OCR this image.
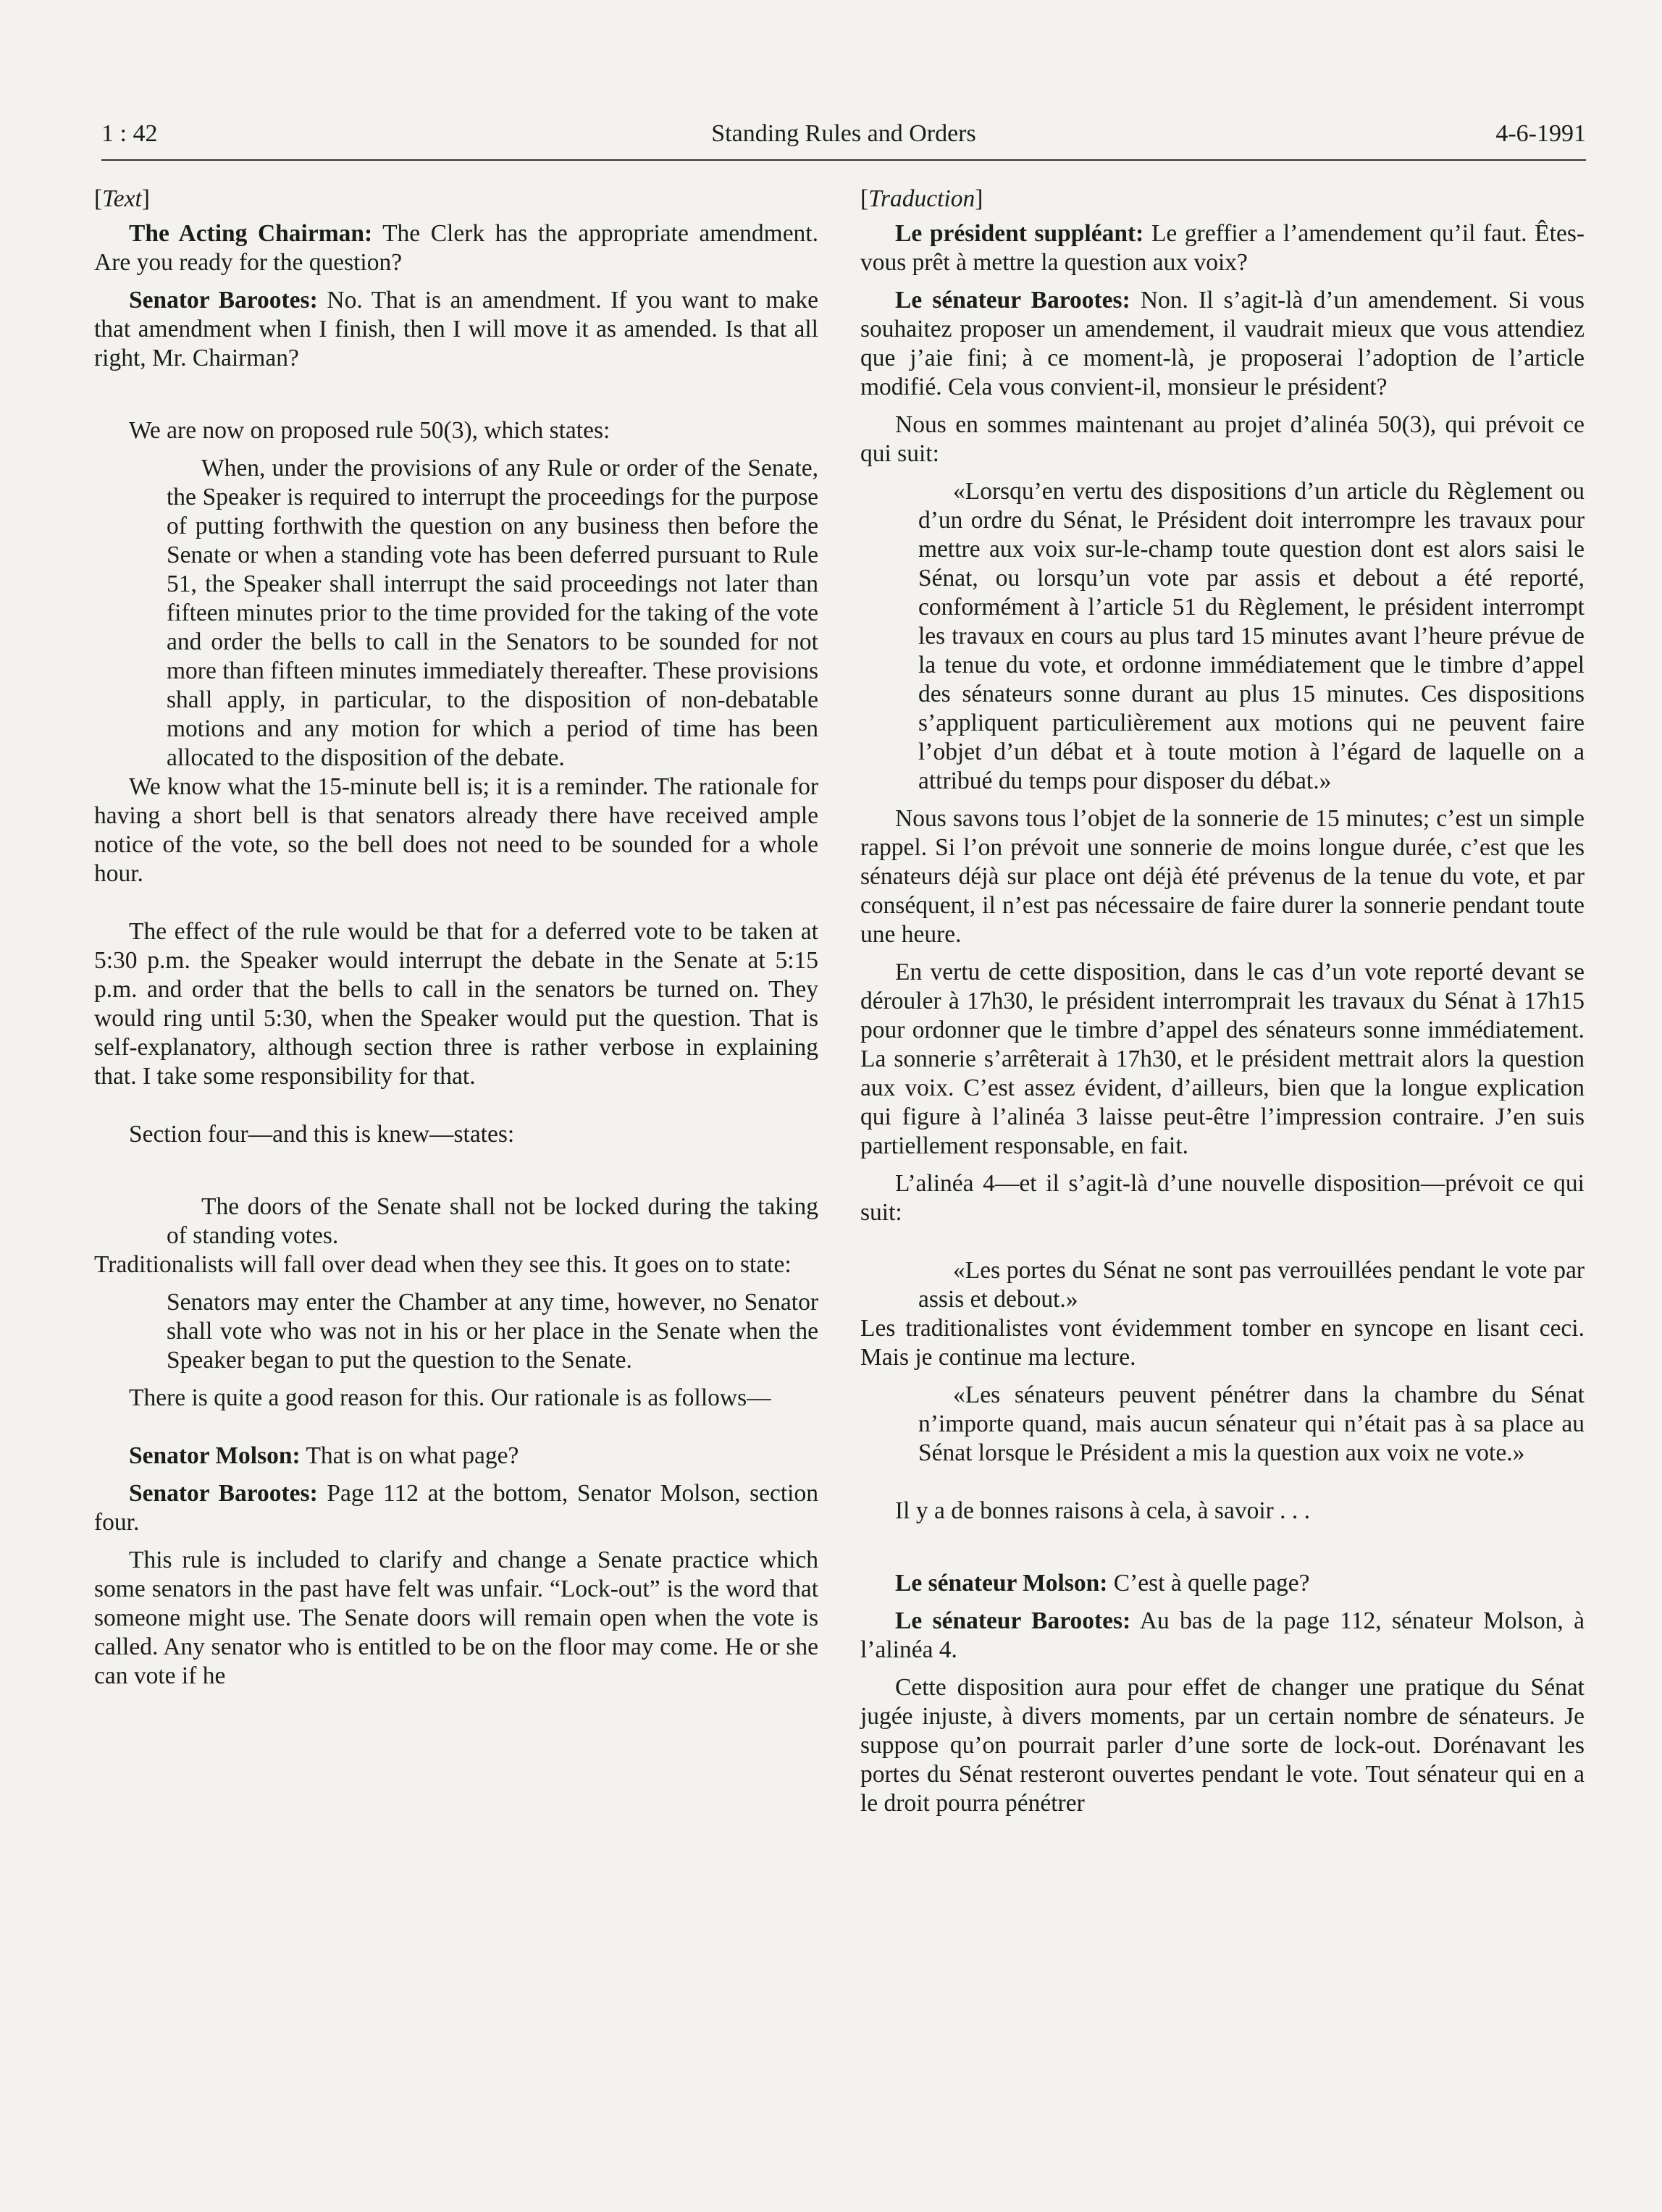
1 : 42	Standing Rules and Orders	4-6-1991

[Text]

The Acting Chairman: The Clerk has the appropriate amendment. Are you ready for the question?

Senator Barootes: No. That is an amendment. If you want to make that amendment when I finish, then I will move it as amended. Is that all right, Mr. Chairman?

We are now on proposed rule 50(3), which states:

When, under the provisions of any Rule or order of the Senate, the Speaker is required to interrupt the proceedings for the purpose of putting forthwith the question on any business then before the Senate or when a standing vote has been deferred pursuant to Rule 51, the Speaker shall interrupt the said proceedings not later than fifteen minutes prior to the time provided for the taking of the vote and order the bells to call in the Senators to be sounded for not more than fifteen minutes immediately thereafter. These provisions shall apply, in particular, to the disposition of non-debatable motions and any motion for which a period of time has been allocated to the disposition of the debate.

We know what the 15-minute bell is; it is a reminder. The rationale for having a short bell is that senators already there have received ample notice of the vote, so the bell does not need to be sounded for a whole hour.

The effect of the rule would be that for a deferred vote to be taken at 5:30 p.m. the Speaker would interrupt the debate in the Senate at 5:15 p.m. and order that the bells to call in the senators be turned on. They would ring until 5:30, when the Speaker would put the question. That is self-explanatory, although section three is rather verbose in explaining that. I take some responsibility for that.

Section four—and this is knew—states:

The doors of the Senate shall not be locked during the taking of standing votes.

Traditionalists will fall over dead when they see this. It goes on to state:

Senators may enter the Chamber at any time, however, no Senator shall vote who was not in his or her place in the Senate when the Speaker began to put the question to the Senate.

There is quite a good reason for this. Our rationale is as follows—

Senator Molson: That is on what page?

Senator Barootes: Page 112 at the bottom, Senator Molson, section four.

This rule is included to clarify and change a Senate practice which some senators in the past have felt was unfair. “Lock-out” is the word that someone might use. The Senate doors will remain open when the vote is called. Any senator who is entitled to be on the floor may come. He or she can vote if he

[Traduction]

Le président suppléant: Le greffier a l’amendement qu’il faut. Êtes-vous prêt à mettre la question aux voix?

Le sénateur Barootes: Non. Il s’agit-là d’un amendement. Si vous souhaitez proposer un amendement, il vaudrait mieux que vous attendiez que j’aie fini; à ce moment-là, je proposerai l’adoption de l’article modifié. Cela vous convient-il, monsieur le président?

Nous en sommes maintenant au projet d’alinéa 50(3), qui prévoit ce qui suit:

«Lorsqu’en vertu des dispositions d’un article du Règlement ou d’un ordre du Sénat, le Président doit interrompre les travaux pour mettre aux voix sur-le-champ toute question dont est alors saisi le Sénat, ou lorsqu’un vote par assis et debout a été reporté, conformément à l’article 51 du Règlement, le président interrompt les travaux en cours au plus tard 15 minutes avant l’heure prévue de la tenue du vote, et ordonne immédiatement que le timbre d’appel des sénateurs sonne durant au plus 15 minutes. Ces dispositions s’appliquent particulièrement aux motions qui ne peuvent faire l’objet d’un débat et à toute motion à l’égard de laquelle on a attribué du temps pour disposer du débat.»

Nous savons tous l’objet de la sonnerie de 15 minutes; c’est un simple rappel. Si l’on prévoit une sonnerie de moins longue durée, c’est que les sénateurs déjà sur place ont déjà été prévenus de la tenue du vote, et par conséquent, il n’est pas nécessaire de faire durer la sonnerie pendant toute une heure.

En vertu de cette disposition, dans le cas d’un vote reporté devant se dérouler à 17h30, le président interromprait les travaux du Sénat à 17h15 pour ordonner que le timbre d’appel des sénateurs sonne immédiatement. La sonnerie s’arrêterait à 17h30, et le président mettrait alors la question aux voix. C’est assez évident, d’ailleurs, bien que la longue explication qui figure à l’alinéa 3 laisse peut-être l’impression contraire. J’en suis partiellement responsable, en fait.

L’alinéa 4—et il s’agit-là d’une nouvelle disposition—prévoit ce qui suit:

«Les portes du Sénat ne sont pas verrouillées pendant le vote par assis et debout.»

Les traditionalistes vont évidemment tomber en syncope en lisant ceci. Mais je continue ma lecture.

«Les sénateurs peuvent pénétrer dans la chambre du Sénat n’importe quand, mais aucun sénateur qui n’était pas à sa place au Sénat lorsque le Président a mis la question aux voix ne vote.»

Il y a de bonnes raisons à cela, à savoir . . .

Le sénateur Molson: C’est à quelle page?

Le sénateur Barootes: Au bas de la page 112, sénateur Molson, à l’alinéa 4.

Cette disposition aura pour effet de changer une pratique du Sénat jugée injuste, à divers moments, par un certain nombre de sénateurs. Je suppose qu’on pourrait parler d’une sorte de lock-out. Dorénavant les portes du Sénat resteront ouvertes pendant le vote. Tout sénateur qui en a le droit pourra pénétrer
